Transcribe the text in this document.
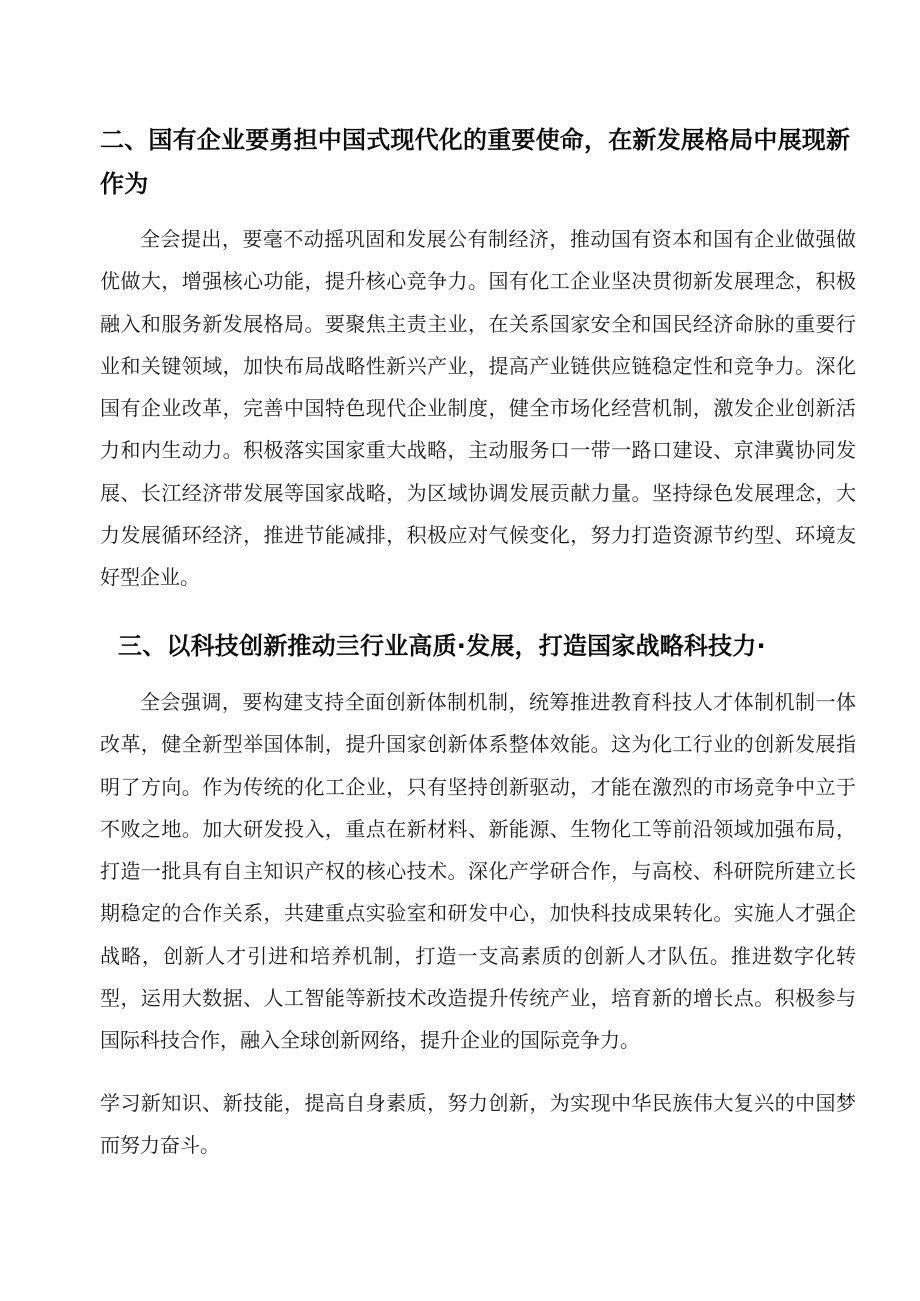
二、国有企业要勇担中国式现代化的重要使命，在新发展格局中展现新作为

全会提出，要毫不动摇巩固和发展公有制经济，推动国有资本和国有企业做强做优做大，增强核心功能，提升核心竞争力。国有化工企业坚决贯彻新发展理念，积极融入和服务新发展格局。要聚焦主责主业，在关系国家安全和国民经济命脉的重要行业和关键领域，加快布局战略性新兴产业，提高产业链供应链稳定性和竞争力。深化国有企业改革，完善中国特色现代企业制度，健全市场化经营机制，激发企业创新活力和内生动力。积极落实国家重大战略，主动服务口一带一路口建设、京津冀协同发展、长江经济带发展等国家战略，为区域协调发展贡献力量。坚持绿色发展理念，大力发展循环经济，推进节能减排，积极应对气候变化，努力打造资源节约型、环境友好型企业。

三、以科技创新推动亖行业高质·发展，打造国家战略科技力·

全会强调，要构建支持全面创新体制机制，统筹推进教育科技人才体制机制一体改革，健全新型举国体制，提升国家创新体系整体效能。这为化工行业的创新发展指明了方向。作为传统的化工企业，只有坚持创新驱动，才能在激烈的市场竞争中立于不败之地。加大研发投入，重点在新材料、新能源、生物化工等前沿领域加强布局，打造一批具有自主知识产权的核心技术。深化产学研合作，与高校、科研院所建立长期稳定的合作关系，共建重点实验室和研发中心，加快科技成果转化。实施人才强企战略，创新人才引进和培养机制，打造一支高素质的创新人才队伍。推进数字化转型，运用大数据、人工智能等新技术改造提升传统产业，培育新的增长点。积极参与国际科技合作，融入全球创新网络，提升企业的国际竞争力。

学习新知识、新技能，提高自身素质，努力创新，为实现中华民族伟大复兴的中国梦而努力奋斗。
